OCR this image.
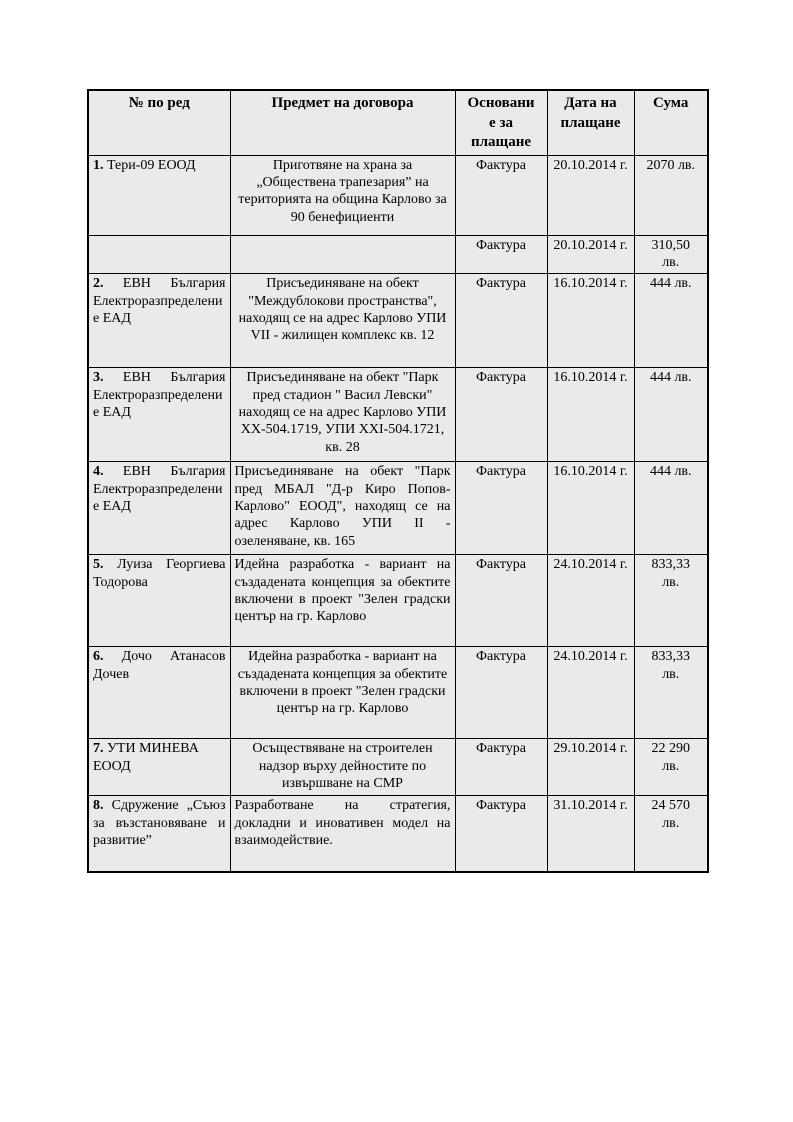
№ по ред	Предмет на договора	Основание за плащане	Дата на плащане	Сума
1. Тери-09 ЕООД	Приготвяне на храна за „Обществена трапезария” на територията на община Карлово за 90 бенефициенти	Фактура	20.10.2014 г.	2070 лв.
		Фактура	20.10.2014 г.	310,50 лв.
2. ЕВН България Електроразпределение ЕАД	Присъединяване на обект "Междублокови пространства", находящ се на адрес Карлово УПИ VII - жилищен комплекс кв. 12	Фактура	16.10.2014 г.	444 лв.
3. ЕВН България Електроразпределение ЕАД	Присъединяване на обект "Парк пред стадион " Васил Левски" находящ се на адрес Карлово УПИ XX-504.1719, УПИ XXI-504.1721, кв. 28	Фактура	16.10.2014 г.	444 лв.
4. ЕВН България Електроразпределение ЕАД	Присъединяване на обект "Парк пред МБАЛ "Д-р Киро Попов-Карлово" ЕООД", находящ се на адрес Карлово УПИ II - озеленяване, кв. 165	Фактура	16.10.2014 г.	444 лв.
5. Луиза Георгиева Тодорова	Идейна разработка - вариант на създадената концепция за обектите включени в проект "Зелен градски център на гр. Карлово	Фактура	24.10.2014 г.	833,33 лв.
6. Дочо Атанасов Дочев	Идейна разработка - вариант на създадената концепция за обектите включени в проект "Зелен градски център на гр. Карлово	Фактура	24.10.2014 г.	833,33 лв.
7. УТИ МИНЕВА ЕООД	Осъществяване на строителен надзор върху дейностите по извършване на СМР	Фактура	29.10.2014 г.	22 290 лв.
8. Сдружение „Съюз за възстановяване и развитие”	Разработване на стратегия, докладни и иновативен модел на взаимодействие.	Фактура	31.10.2014 г.	24 570 лв.
